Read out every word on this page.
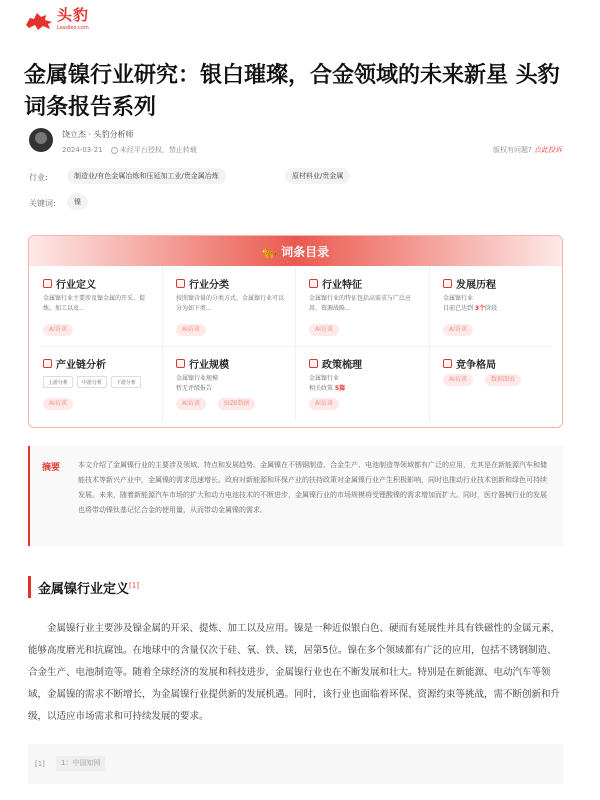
头豹
Leadleo.com
金属镍行业研究：银白璀璨，合金领域的未来新星 头豹词条报告系列
饶立杰 · 头豹分析师
2024-03-21	未经平台授权，禁止转载	版权有问题? 点此投诉
行业:	制造业/有色金属冶炼和压延加工业/贵金属冶炼	原材料业/贵金属
关键词:	镍
🐆 词条目录
行业定义
金属镍行业主要涉及镍金属的开采、提炼、加工以及...
AI访谈
行业分类
按照镍含量的分类方式，金属镍行业可以分为如下类...
AI访谈
行业特征
金属镍行业的特征包括高需求与广泛应用、资源战略...
AI访谈
发展历程
金属镍行业
目前已达到 3个阶段
AI访谈
产业链分析
上游分析	中游分析	下游分析
AI访谈
行业规模
金属镍行业规模
暂无评级报告
AI访谈	SIZE数据
政策梳理
金属镍行业
相关政策 5篇
AI访谈
竞争格局
AI访谈	数据图表
摘要	本文介绍了金属镍行业的主要涉及领域、特点和发展趋势。金属镍在不锈钢制造、合金生产、电池制造等领域都有广泛的应用，尤其是在新能源汽车和储能技术等新兴产业中，金属镍的需求迅速增长。政府对新能源和环保产业的扶持政策对金属镍行业产生积极影响，同时也推动行业技术创新和绿色可持续发展。未来，随着新能源汽车市场的扩大和动力电池技术的不断进步，金属镍行业的市场规模将受锂酸镍的需求增加而扩大。同时，医疗器械行业的发展也将带动镍钛基记忆合金的使用量，从而带动金属镍的需求。
金属镍行业定义[1]

金属镍行业主要涉及镍金属的开采、提炼、加工以及应用。镍是一种近似银白色、硬而有延展性并具有铁磁性的金属元素，能够高度磨光和抗腐蚀。在地球中的含量仅次于硅、氧、铁、镁，居第5位。镍在多个领域都有广泛的应用，包括不锈钢制造、合金生产、电池制造等。随着全球经济的发展和科技进步，金属镍行业也在不断发展和壮大。特别是在新能源、电动汽车等领域，金属镍的需求不断增长，为金属镍行业提供新的发展机遇。同时，该行业也面临着环保、资源约束等挑战，需不断创新和升级，以适应市场需求和可持续发展的要求。

[1]	1：中国知网
